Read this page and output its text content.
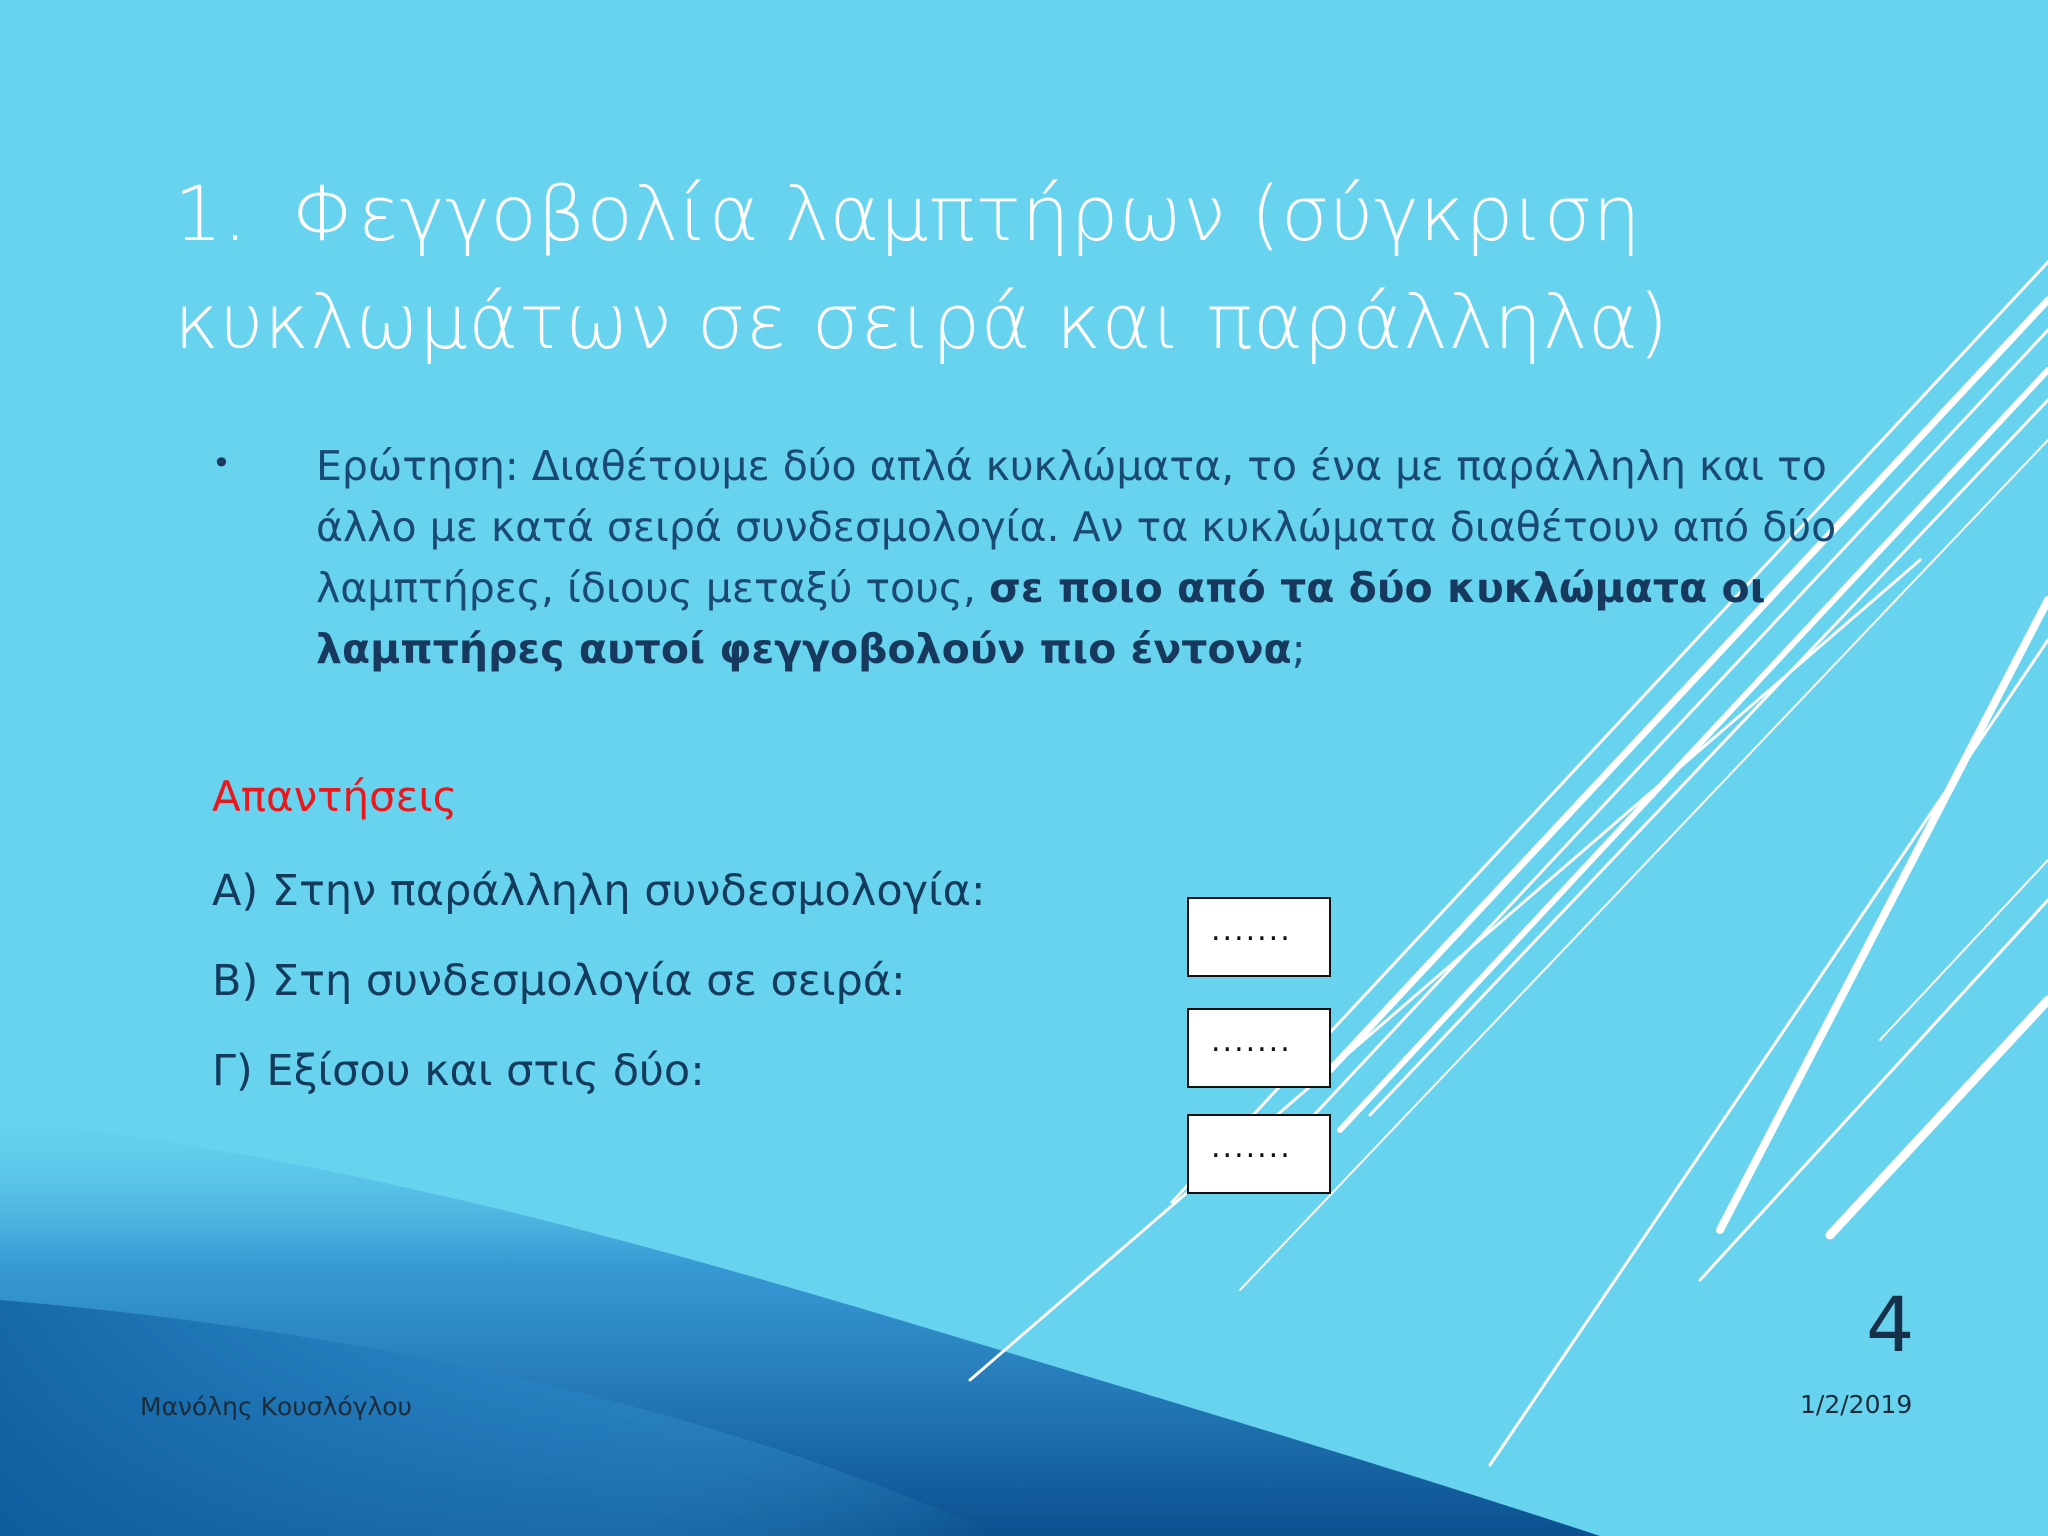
1. Φεγγοβολία λαμπτήρων (σύγκριση
κυκλωμάτων σε σειρά και παράλληλα)
• Ερώτηση: Διαθέτουμε δύο απλά κυκλώματα, το ένα με παράλληλη και το άλλο με κατά σειρά συνδεσμολογία. Αν τα κυκλώματα διαθέτουν από δύο λαμπτήρες, ίδιους μεταξύ τους, σε ποιο από τα δύο κυκλώματα οι λαμπτήρες αυτοί φεγγοβολούν πιο έντονα;

Απαντήσεις

Α) Στην παράλληλη συνδεσμολογία:

Β) Στη συνδεσμολογία σε σειρά:

Γ) Εξίσου και στις δύο:

.......
.......
.......

4

Μανόλης Κουσλόγλου	1/2/2019
